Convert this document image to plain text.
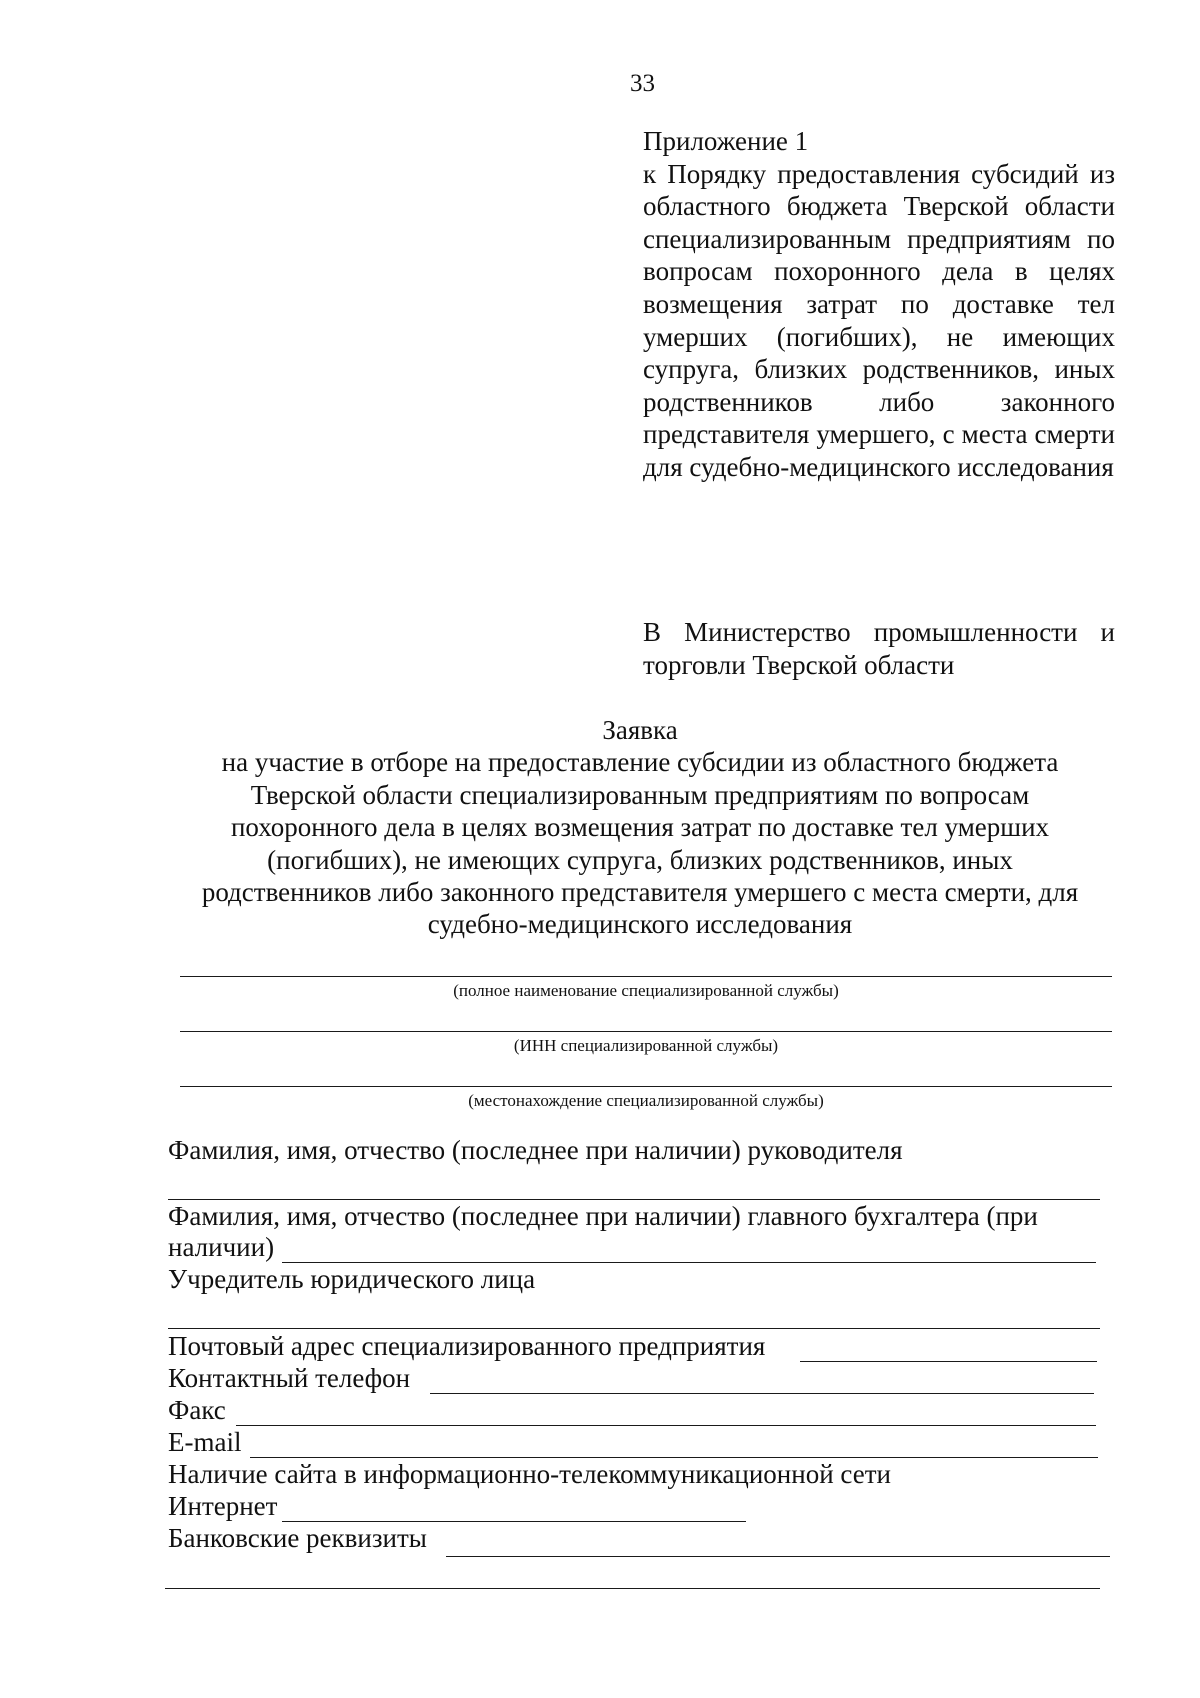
33
Приложение 1
к Порядку предоставления субсидий из областного бюджета Тверской области специализированным предприятиям по вопросам похоронного дела в целях возмещения затрат по доставке тел умерших (погибших), не имеющих супруга, близких родственников, иных родственников либо законного представителя умершего, с места смерти для судебно-медицинского исследования
В Министерство промышленности и торговли Тверской области
Заявка
на участие в отборе на предоставление субсидии из областного бюджета Тверской области специализированным предприятиям по вопросам похоронного дела в целях возмещения затрат по доставке тел умерших (погибших), не имеющих супруга, близких родственников, иных родственников либо законного представителя умершего с места смерти, для судебно-медицинского исследования
(полное наименование специализированной службы)
(ИНН специализированной службы)
(местонахождение специализированной службы)
Фамилия, имя, отчество (последнее при наличии) руководителя
Фамилия, имя, отчество (последнее при наличии) главного бухгалтера (при
наличии)
Учредитель юридического лица
Почтовый адрес специализированного предприятия
Контактный телефон
Факс
E-mail
Наличие сайта в информационно-телекоммуникационной сети
Интернет
Банковские реквизиты
